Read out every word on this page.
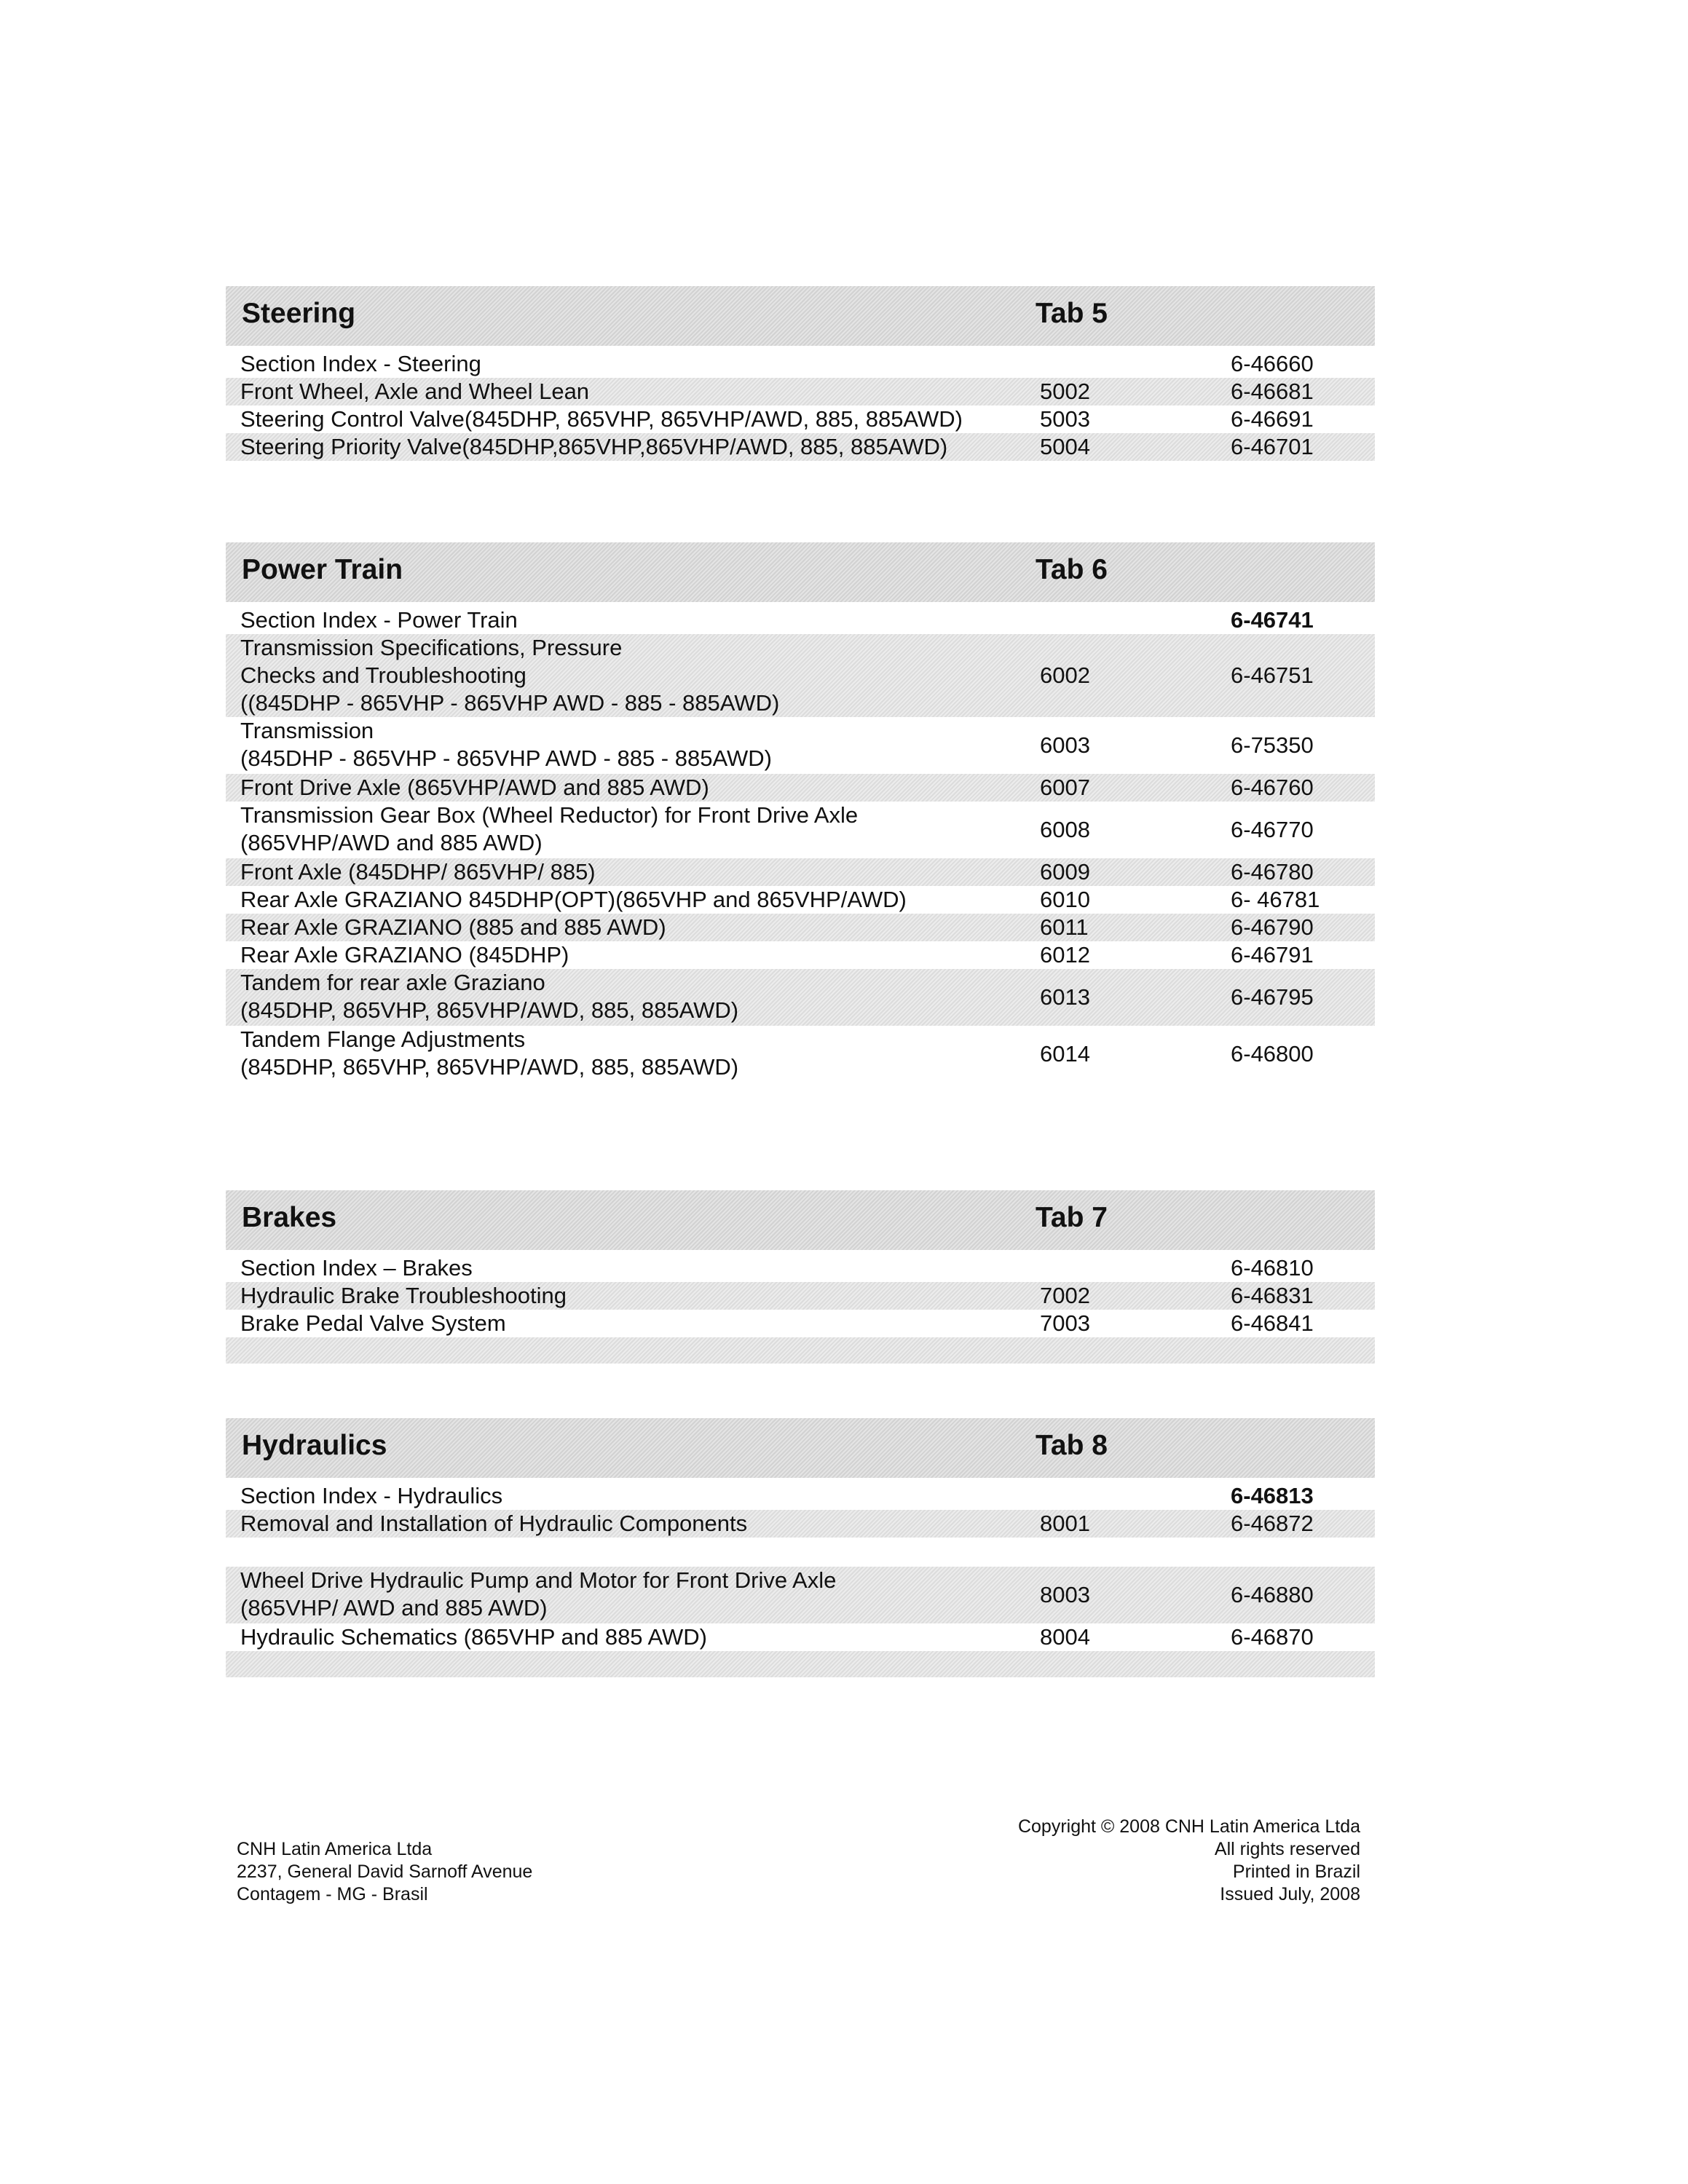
Steering	Tab 5
Section Index - Steering	6-46660
Front Wheel, Axle and Wheel Lean	5002	6-46681
Steering Control Valve(845DHP, 865VHP, 865VHP/AWD, 885, 885AWD)	5003	6-46691
Steering Priority Valve(845DHP,865VHP,865VHP/AWD, 885, 885AWD)	5004	6-46701
Power Train	Tab 6
Section Index - Power Train	6-46741
Transmission Specifications, Pressure
Checks and Troubleshooting
((845DHP - 865VHP - 865VHP AWD - 885 - 885AWD)
6002	6-46751
Transmission
(845DHP - 865VHP - 865VHP AWD - 885 - 885AWD)
6003	6-75350
Front Drive Axle (865VHP/AWD and 885 AWD)	6007	6-46760
Transmission Gear Box (Wheel Reductor) for Front Drive Axle
(865VHP/AWD and 885 AWD)
6008	6-46770
Front Axle (845DHP/ 865VHP/ 885)	6009	6-46780
Rear Axle GRAZIANO 845DHP(OPT)(865VHP and 865VHP/AWD)	6010	6- 46781
Rear Axle GRAZIANO (885 and 885 AWD)	6011	6-46790
Rear Axle GRAZIANO (845DHP)	6012	6-46791
Tandem for rear axle Graziano
(845DHP, 865VHP, 865VHP/AWD, 885, 885AWD)
6013	6-46795
Tandem Flange Adjustments
(845DHP, 865VHP, 865VHP/AWD, 885, 885AWD)
6014	6-46800
Brakes	Tab 7
Section Index – Brakes	6-46810
Hydraulic Brake Troubleshooting	7002	6-46831
Brake Pedal Valve System	7003	6-46841
Hydraulics	Tab 8
Section Index - Hydraulics	6-46813
Removal and Installation of Hydraulic Components	8001	6-46872
Wheel Drive Hydraulic Pump and Motor for Front Drive Axle
(865VHP/ AWD and 885 AWD)
8003	6-46880
Hydraulic Schematics (865VHP and 885 AWD)	8004	6-46870
CNH Latin America Ltda
2237, General David Sarnoff Avenue
Contagem - MG - Brasil
Copyright © 2008 CNH Latin America Ltda
All rights reserved
Printed in Brazil
Issued July, 2008
